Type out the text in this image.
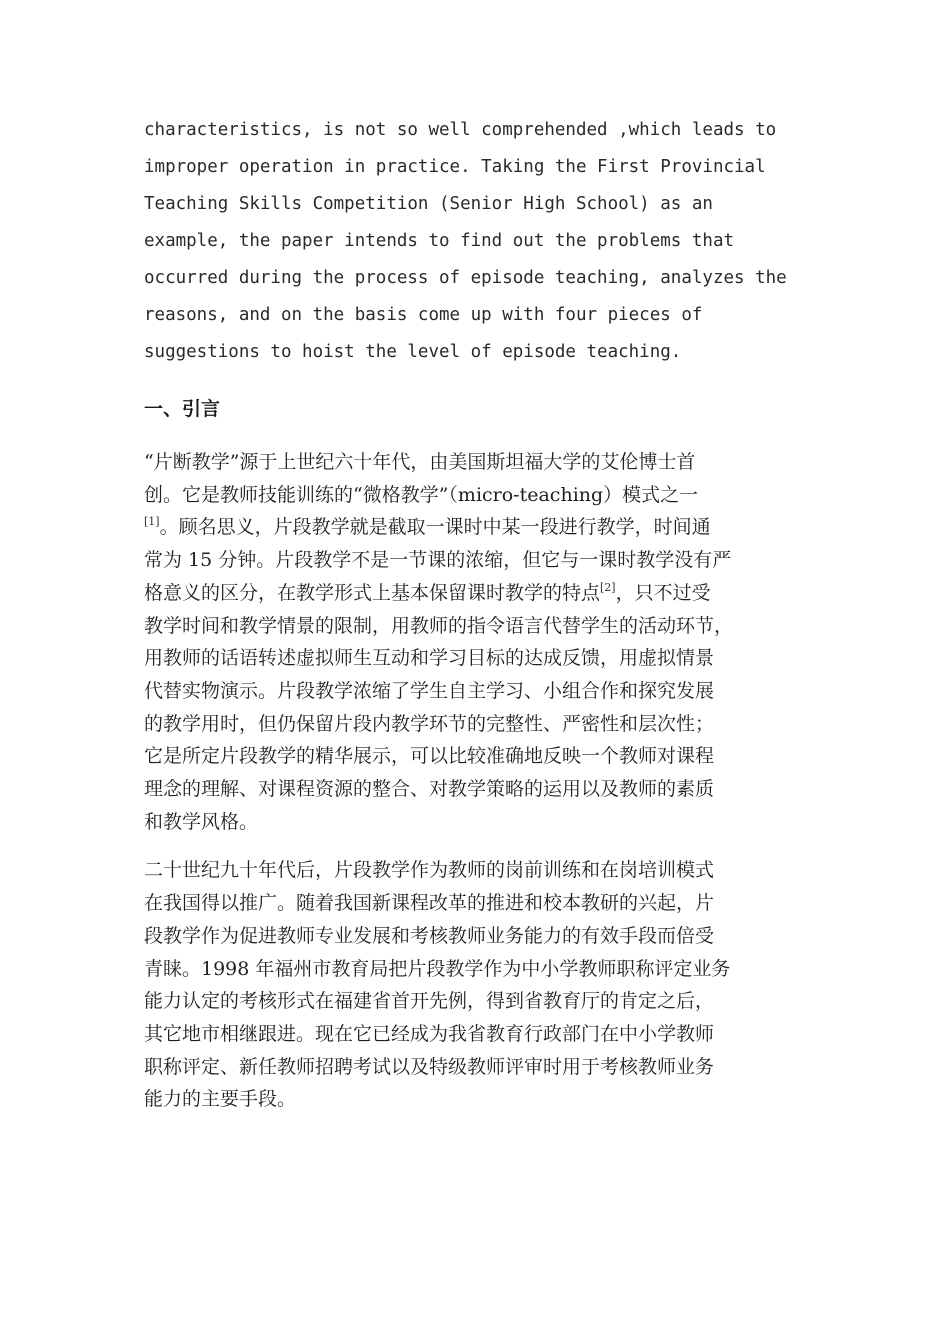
characteristics, is not so well comprehended ,which leads to
improper operation in practice. Taking the First Provincial
Teaching Skills Competition (Senior High School) as an
example, the paper intends to find out the problems that
occurred during the process of episode teaching, analyzes the
reasons, and on the basis come up with four pieces of
suggestions to hoist the level of episode teaching.
一、引言
“片断教学”源于上世纪六十年代，由美国斯坦福大学的艾伦博士首
创。它是教师技能训练的“微格教学”（micro-teaching）模式之一
[1]。顾名思义，片段教学就是截取一课时中某一段进行教学，时间通
常为 15 分钟。片段教学不是一节课的浓缩，但它与一课时教学没有严
格意义的区分，在教学形式上基本保留课时教学的特点[2]，只不过受
教学时间和教学情景的限制，用教师的指令语言代替学生的活动环节，
用教师的话语转述虚拟师生互动和学习目标的达成反馈，用虚拟情景
代替实物演示。片段教学浓缩了学生自主学习、小组合作和探究发展
的教学用时，但仍保留片段内教学环节的完整性、严密性和层次性；
它是所定片段教学的精华展示，可以比较准确地反映一个教师对课程
理念的理解、对课程资源的整合、对教学策略的运用以及教师的素质
和教学风格。
二十世纪九十年代后，片段教学作为教师的岗前训练和在岗培训模式
在我国得以推广。随着我国新课程改革的推进和校本教研的兴起，片
段教学作为促进教师专业发展和考核教师业务能力的有效手段而倍受
青睐。1998 年福州市教育局把片段教学作为中小学教师职称评定业务
能力认定的考核形式在福建省首开先例，得到省教育厅的肯定之后，
其它地市相继跟进。现在它已经成为我省教育行政部门在中小学教师
职称评定、新任教师招聘考试以及特级教师评审时用于考核教师业务
能力的主要手段。
